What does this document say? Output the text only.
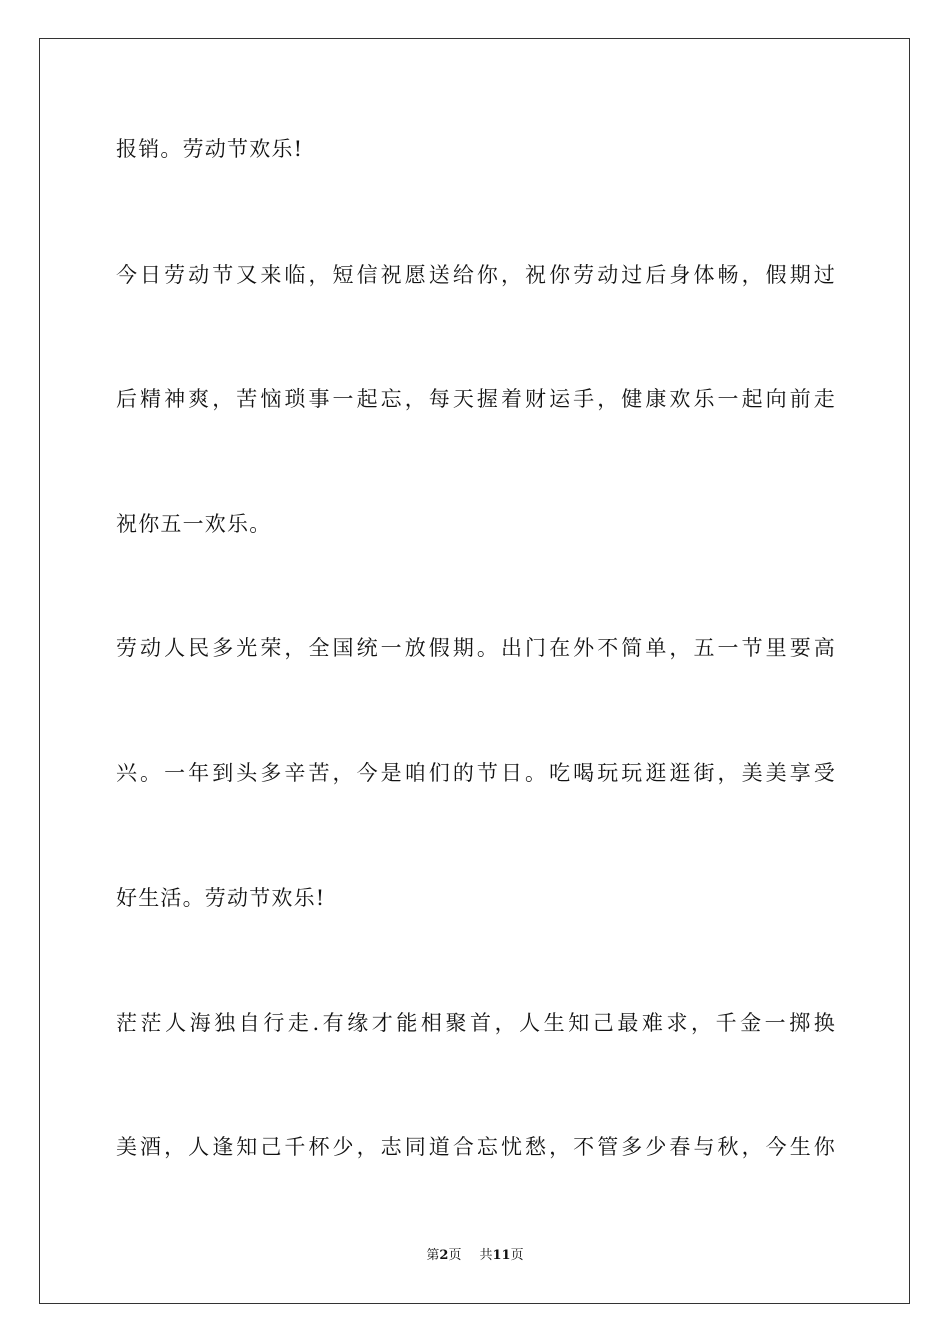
报销。劳动节欢乐!
今日劳动节又来临，短信祝愿送给你，祝你劳动过后身体畅，假期过
后精神爽，苦恼琐事一起忘，每天握着财运手，健康欢乐一起向前走
祝你五一欢乐。
劳动人民多光荣，全国统一放假期。出门在外不简单，五一节里要高
兴。一年到头多辛苦，今是咱们的节日。吃喝玩玩逛逛街，美美享受
好生活。劳动节欢乐!
茫茫人海独自行走.有缘才能相聚首，人生知己最难求，千金一掷换
美酒，人逢知己千杯少，志同道合忘忧愁，不管多少春与秋，今生你
第2页 共11页
